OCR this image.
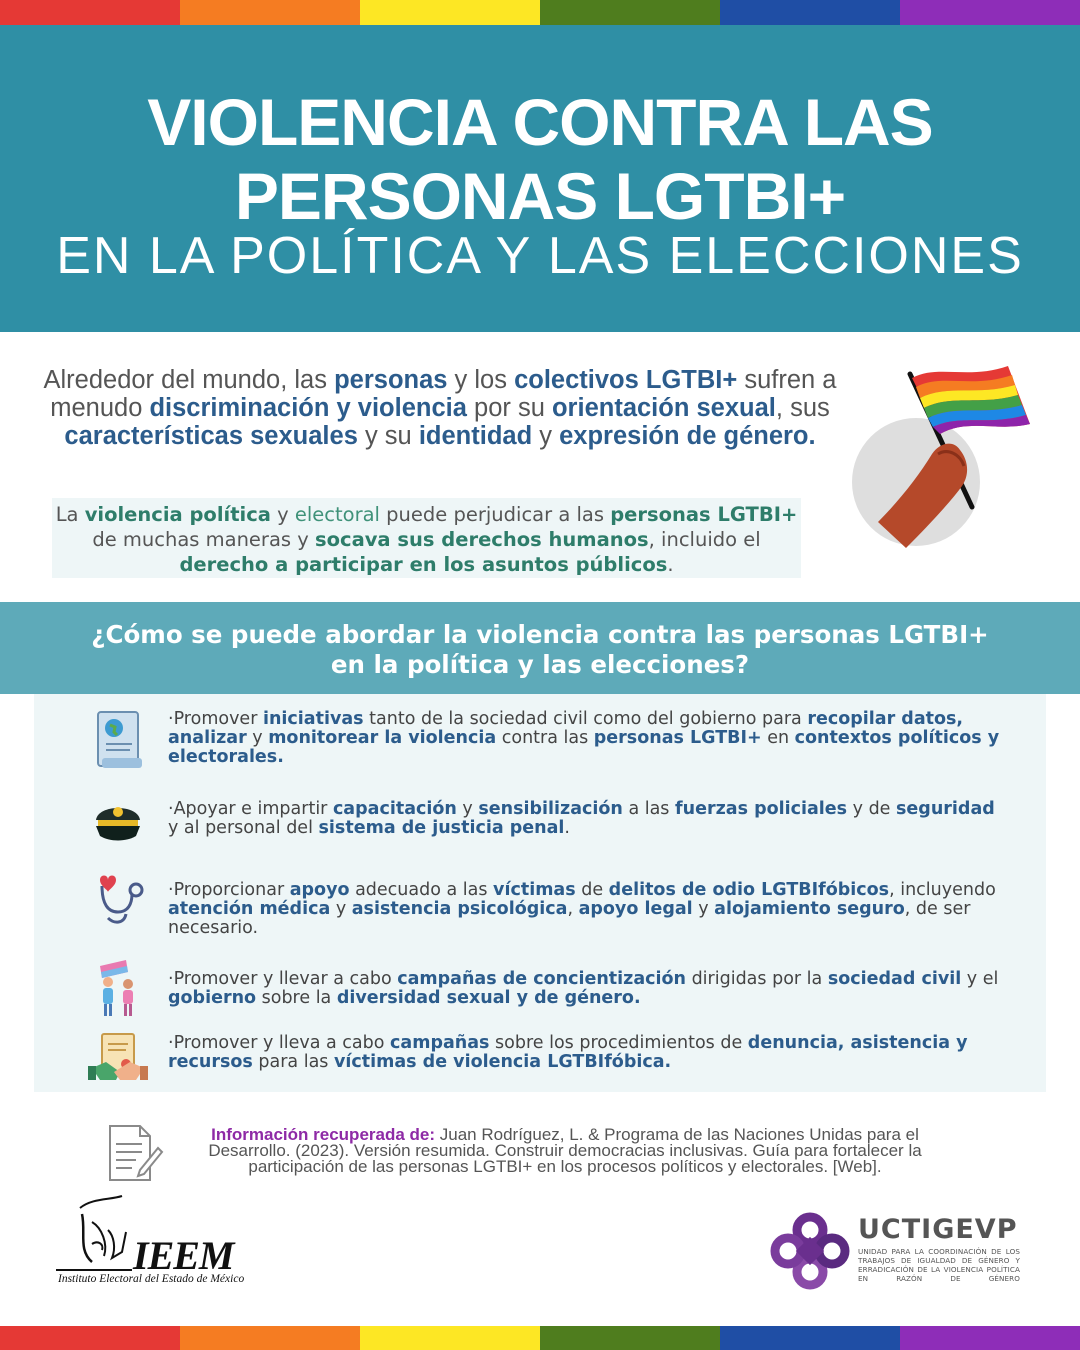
VIOLENCIA CONTRA LAS
PERSONAS LGTBI+
EN LA POLÍTICA Y LAS ELECCIONES
Alrededor del mundo, las personas y los colectivos LGTBI+ sufren a menudo discriminación y violencia por su orientación sexual, sus características sexuales y su identidad y expresión de género.
La violencia política y electoral puede perjudicar a las personas LGTBI+ de muchas maneras y socava sus derechos humanos, incluido el derecho a participar en los asuntos públicos.
¿Cómo se puede abordar la violencia contra las personas LGTBI+
en la política y las elecciones?
·Promover iniciativas tanto de la sociedad civil como del gobierno para recopilar datos, analizar y monitorear la violencia contra las personas LGTBI+ en contextos políticos y electorales.
·Apoyar e impartir capacitación y sensibilización a las fuerzas policiales y de seguridad y al personal del sistema de justicia penal.
·Proporcionar apoyo adecuado a las víctimas de delitos de odio LGTBIfóbicos, incluyendo atención médica y asistencia psicológica, apoyo legal y alojamiento seguro, de ser necesario.
·Promover y llevar a cabo campañas de concientización dirigidas por la sociedad civil y el gobierno sobre la diversidad sexual y de género.
·Promover y lleva a cabo campañas sobre los procedimientos de denuncia, asistencia y recursos para las víctimas de violencia LGTBIfóbica.
Información recuperada de: Juan Rodríguez, L. & Programa de las Naciones Unidas para el
Desarrollo. (2023). Versión resumida. Construir democracias inclusivas. Guía para fortalecer la
participación de las personas LGTBI+ en los procesos políticos y electorales. [Web].
IEEM
Instituto Electoral del Estado de México
UCTIGEVP
UNIDAD PARA LA COORDINACIÓN DE LOS TRABAJOS DE IGUALDAD DE GÉNERO Y ERRADICACIÓN DE LA VIOLENCIA POLÍTICA EN RAZÓN DE GÉNERO
